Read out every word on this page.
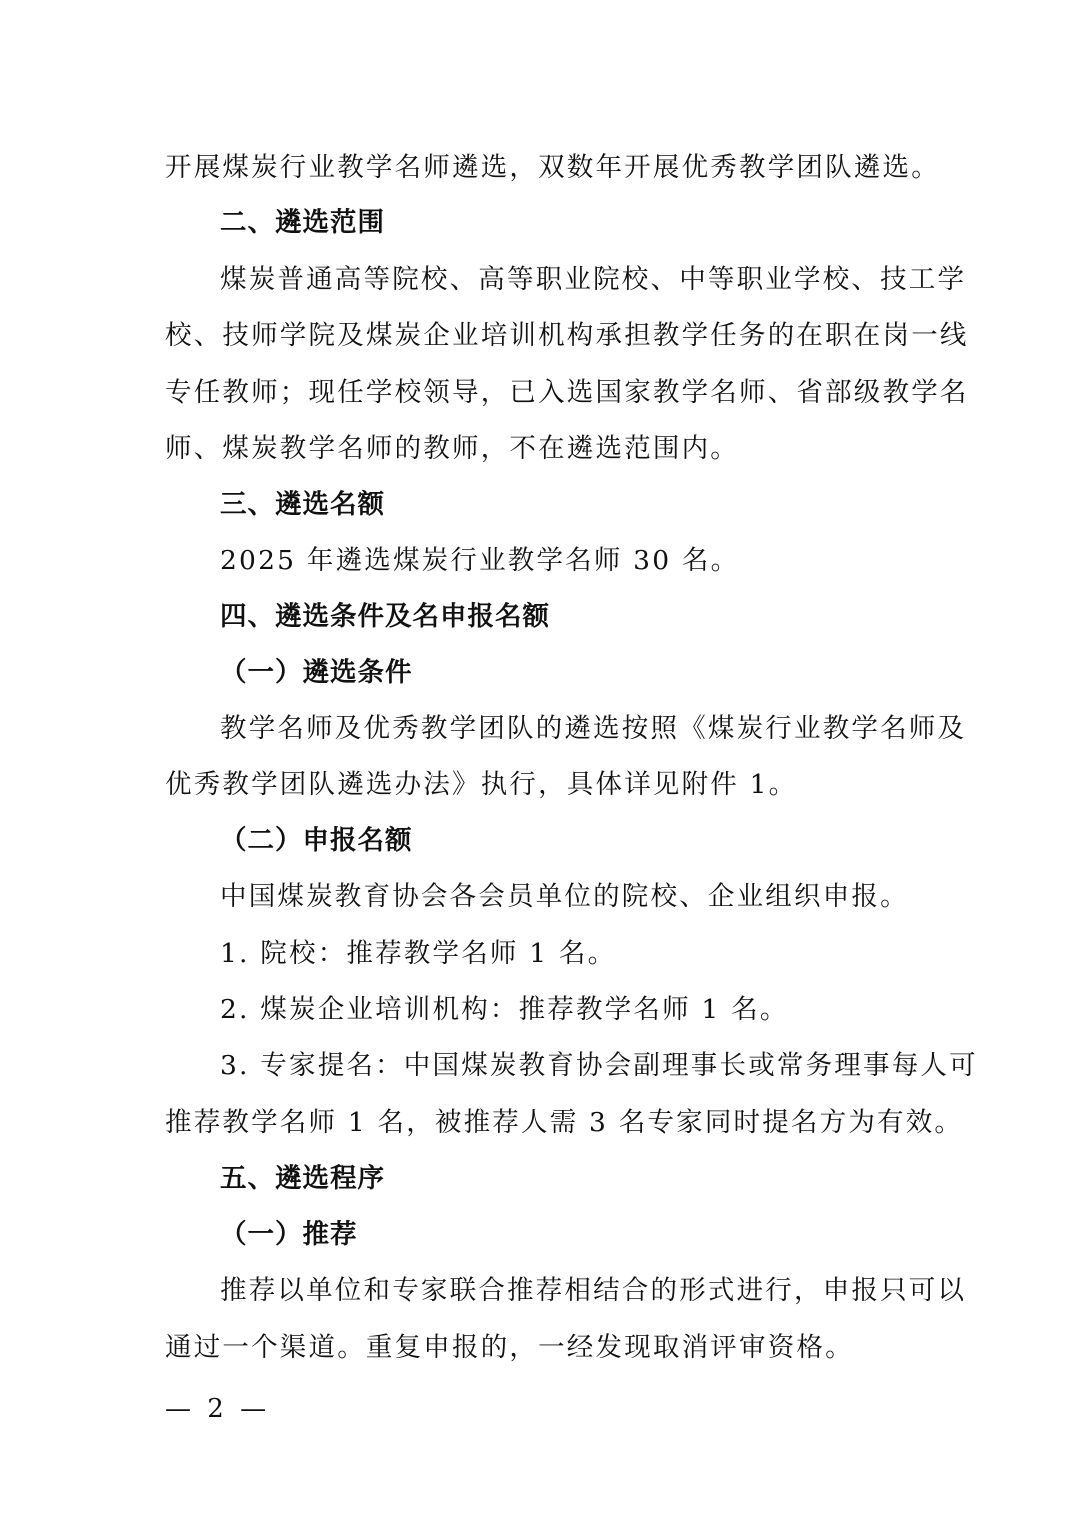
开展煤炭行业教学名师遴选，双数年开展优秀教学团队遴选。
二、遴选范围
煤炭普通高等院校、高等职业院校、中等职业学校、技工学
校、技师学院及煤炭企业培训机构承担教学任务的在职在岗一线
专任教师；现任学校领导，已入选国家教学名师、省部级教学名
师、煤炭教学名师的教师，不在遴选范围内。
三、遴选名额
2025 年遴选煤炭行业教学名师 30 名。
四、遴选条件及名申报名额
（一）遴选条件
教学名师及优秀教学团队的遴选按照《煤炭行业教学名师及
优秀教学团队遴选办法》执行，具体详见附件 1。
（二）申报名额
中国煤炭教育协会各会员单位的院校、企业组织申报。
1. 院校：推荐教学名师 1 名。
2. 煤炭企业培训机构：推荐教学名师 1 名。
3. 专家提名：中国煤炭教育协会副理事长或常务理事每人可
推荐教学名师 1 名，被推荐人需 3 名专家同时提名方为有效。
五、遴选程序
（一）推荐
推荐以单位和专家联合推荐相结合的形式进行，申报只可以
通过一个渠道。重复申报的，一经发现取消评审资格。
— 2 —
